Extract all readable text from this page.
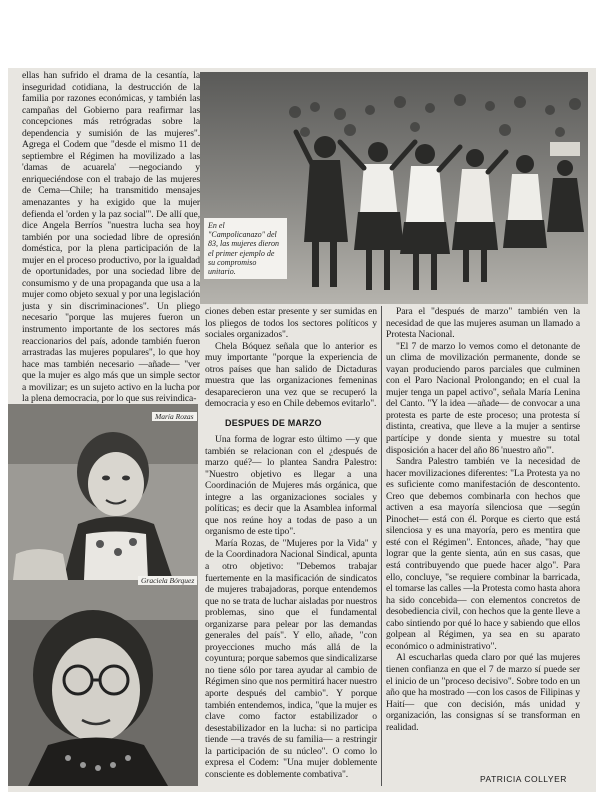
ellas han sufrido el drama de la cesantía, la inseguridad cotidiana, la destrucción de la familia por razones económicas, y también las campañas del Gobierno para reafirmar las concepciones más retrógradas sobre la dependencia y sumisión de las mujeres". Agrega el Codem que "desde el mismo 11 de septiembre el Régimen ha movilizado a las 'damas de acuarela' —negociando y enriqueciéndose con el trabajo de las mujeres de Cema—Chile; ha transmitido mensajes amenazantes y ha exigido que la mujer defienda el 'orden y la paz social'". De allí que, dice Angela Berríos "nuestra lucha sea hoy también por una sociedad libre de opresión doméstica, por la plena participación de la mujer en el proceso productivo, por la igualdad de oportunidades, por una sociedad libre de consumismo y de una propaganda que usa a la mujer como objeto sexual y por una legislación justa y sin discriminaciones". Un pliego necesario "porque las mujeres fueron un instrumento importante de los sectores más reaccionarios del país, adonde también fueron arrastradas las mujeres populares", lo que hoy hace mas también necesario —añade— "ver que la mujer es algo más que un simple sector a movilizar; es un sujeto activo en la lucha por la plena democracia, por lo que sus reivindica-

En el "Campolicanazo" del 83, las mujeres dieron el primer ejemplo de su compromiso unitario.

ciones deben estar presente y ser sumidas en los pliegos de todos los sectores políticos y sociales organizados".

Chela Bóquez señala que lo anterior es muy importante "porque la experiencia de otros países que han salido de Dictaduras muestra que las organizaciones femeninas desaparecieron una vez que se recuperó la democracia y eso en Chile debemos evitarlo".

DESPUES DE MARZO

Una forma de lograr esto último —y que también se relacionan con el ¿después de marzo qué?— lo plantea Sandra Palestro: "Nuestro objetivo es llegar a una Coordinación de Mujeres más orgánica, que integre a las organizaciones sociales y políticas; es decir que la Asamblea informal que nos reúne hoy a todas de paso a un organismo de este tipo".

María Rozas, de "Mujeres por la Vida" y de la Coordinadora Nacional Sindical, apunta a otro objetivo: "Debemos trabajar fuertemente en la masificación de sindicatos de mujeres trabajadoras, porque entendemos que no se trata de luchar aisladas por nuestros problemas, sino que el fundamental organizarse para pelear por las demandas generales del país". Y ello, añade, "con proyecciones mucho más allá de la coyuntura; porque sabemos que sindicalizarse no tiene sólo por tarea ayudar al cambio de Régimen sino que nos permitirá hacer nuestro aporte después del cambio". Y porque también entendemos, indica, "que la mujer es clave como factor estabilizador o desestabilizador en la lucha: si no participa tiende —a través de su familia— a restringir la participación de su núcleo". O como lo expresa el Codem: "Una mujer doblemente consciente es doblemente combativa".

Para el "después de marzo" también ven la necesidad de que las mujeres asuman un llamado a Protesta Nacional.

"El 7 de marzo lo vemos como el detonante de un clima de movilización permanente, donde se vayan produciendo paros parciales que culminen con el Paro Nacional Prolongando; en el cual la mujer tenga un papel activo", señala María Lenina del Canto. "Y la idea —añade— de convocar a una protesta es parte de este proceso; una protesta sí distinta, creativa, que lleve a la mujer a sentirse partícipe y donde sienta y muestre su total disposición a hacer del año 86 'nuestro año'".

Sandra Palestro también ve la necesidad de hacer movilizaciones diferentes: "La Protesta ya no es suficiente como manifestación de descontento. Creo que debemos combinarla con hechos que activen a esa mayoría silenciosa que —según Pinochet— está con él. Porque es cierto que está silenciosa y es una mayoría, pero es mentira que esté con el Régimen". Entonces, añade, "hay que lograr que la gente sienta, aún en sus casas, que está contribuyendo que puede hacer algo". Para ello, concluye, "se requiere combinar la barricada, el tomarse las calles —la Protesta como hasta ahora ha sido concebida— con elementos concretos de desobediencia civil, con hechos que la gente lleve a cabo sintiendo por qué lo hace y sabiendo que ellos golpean al Régimen, ya sea en su aparato económico o administrativo".

Al escucharlas queda claro por qué las mujeres tienen confianza en que el 7 de marzo sí puede ser el inicio de un "proceso decisivo". Sobre todo en un año que ha mostrado —con los casos de Filipinas y Haití— que con decisión, más unidad y organización, las consignas sí se transforman en realidad.

PATRICIA COLLYER
María Rozas
Graciela Bórquez
